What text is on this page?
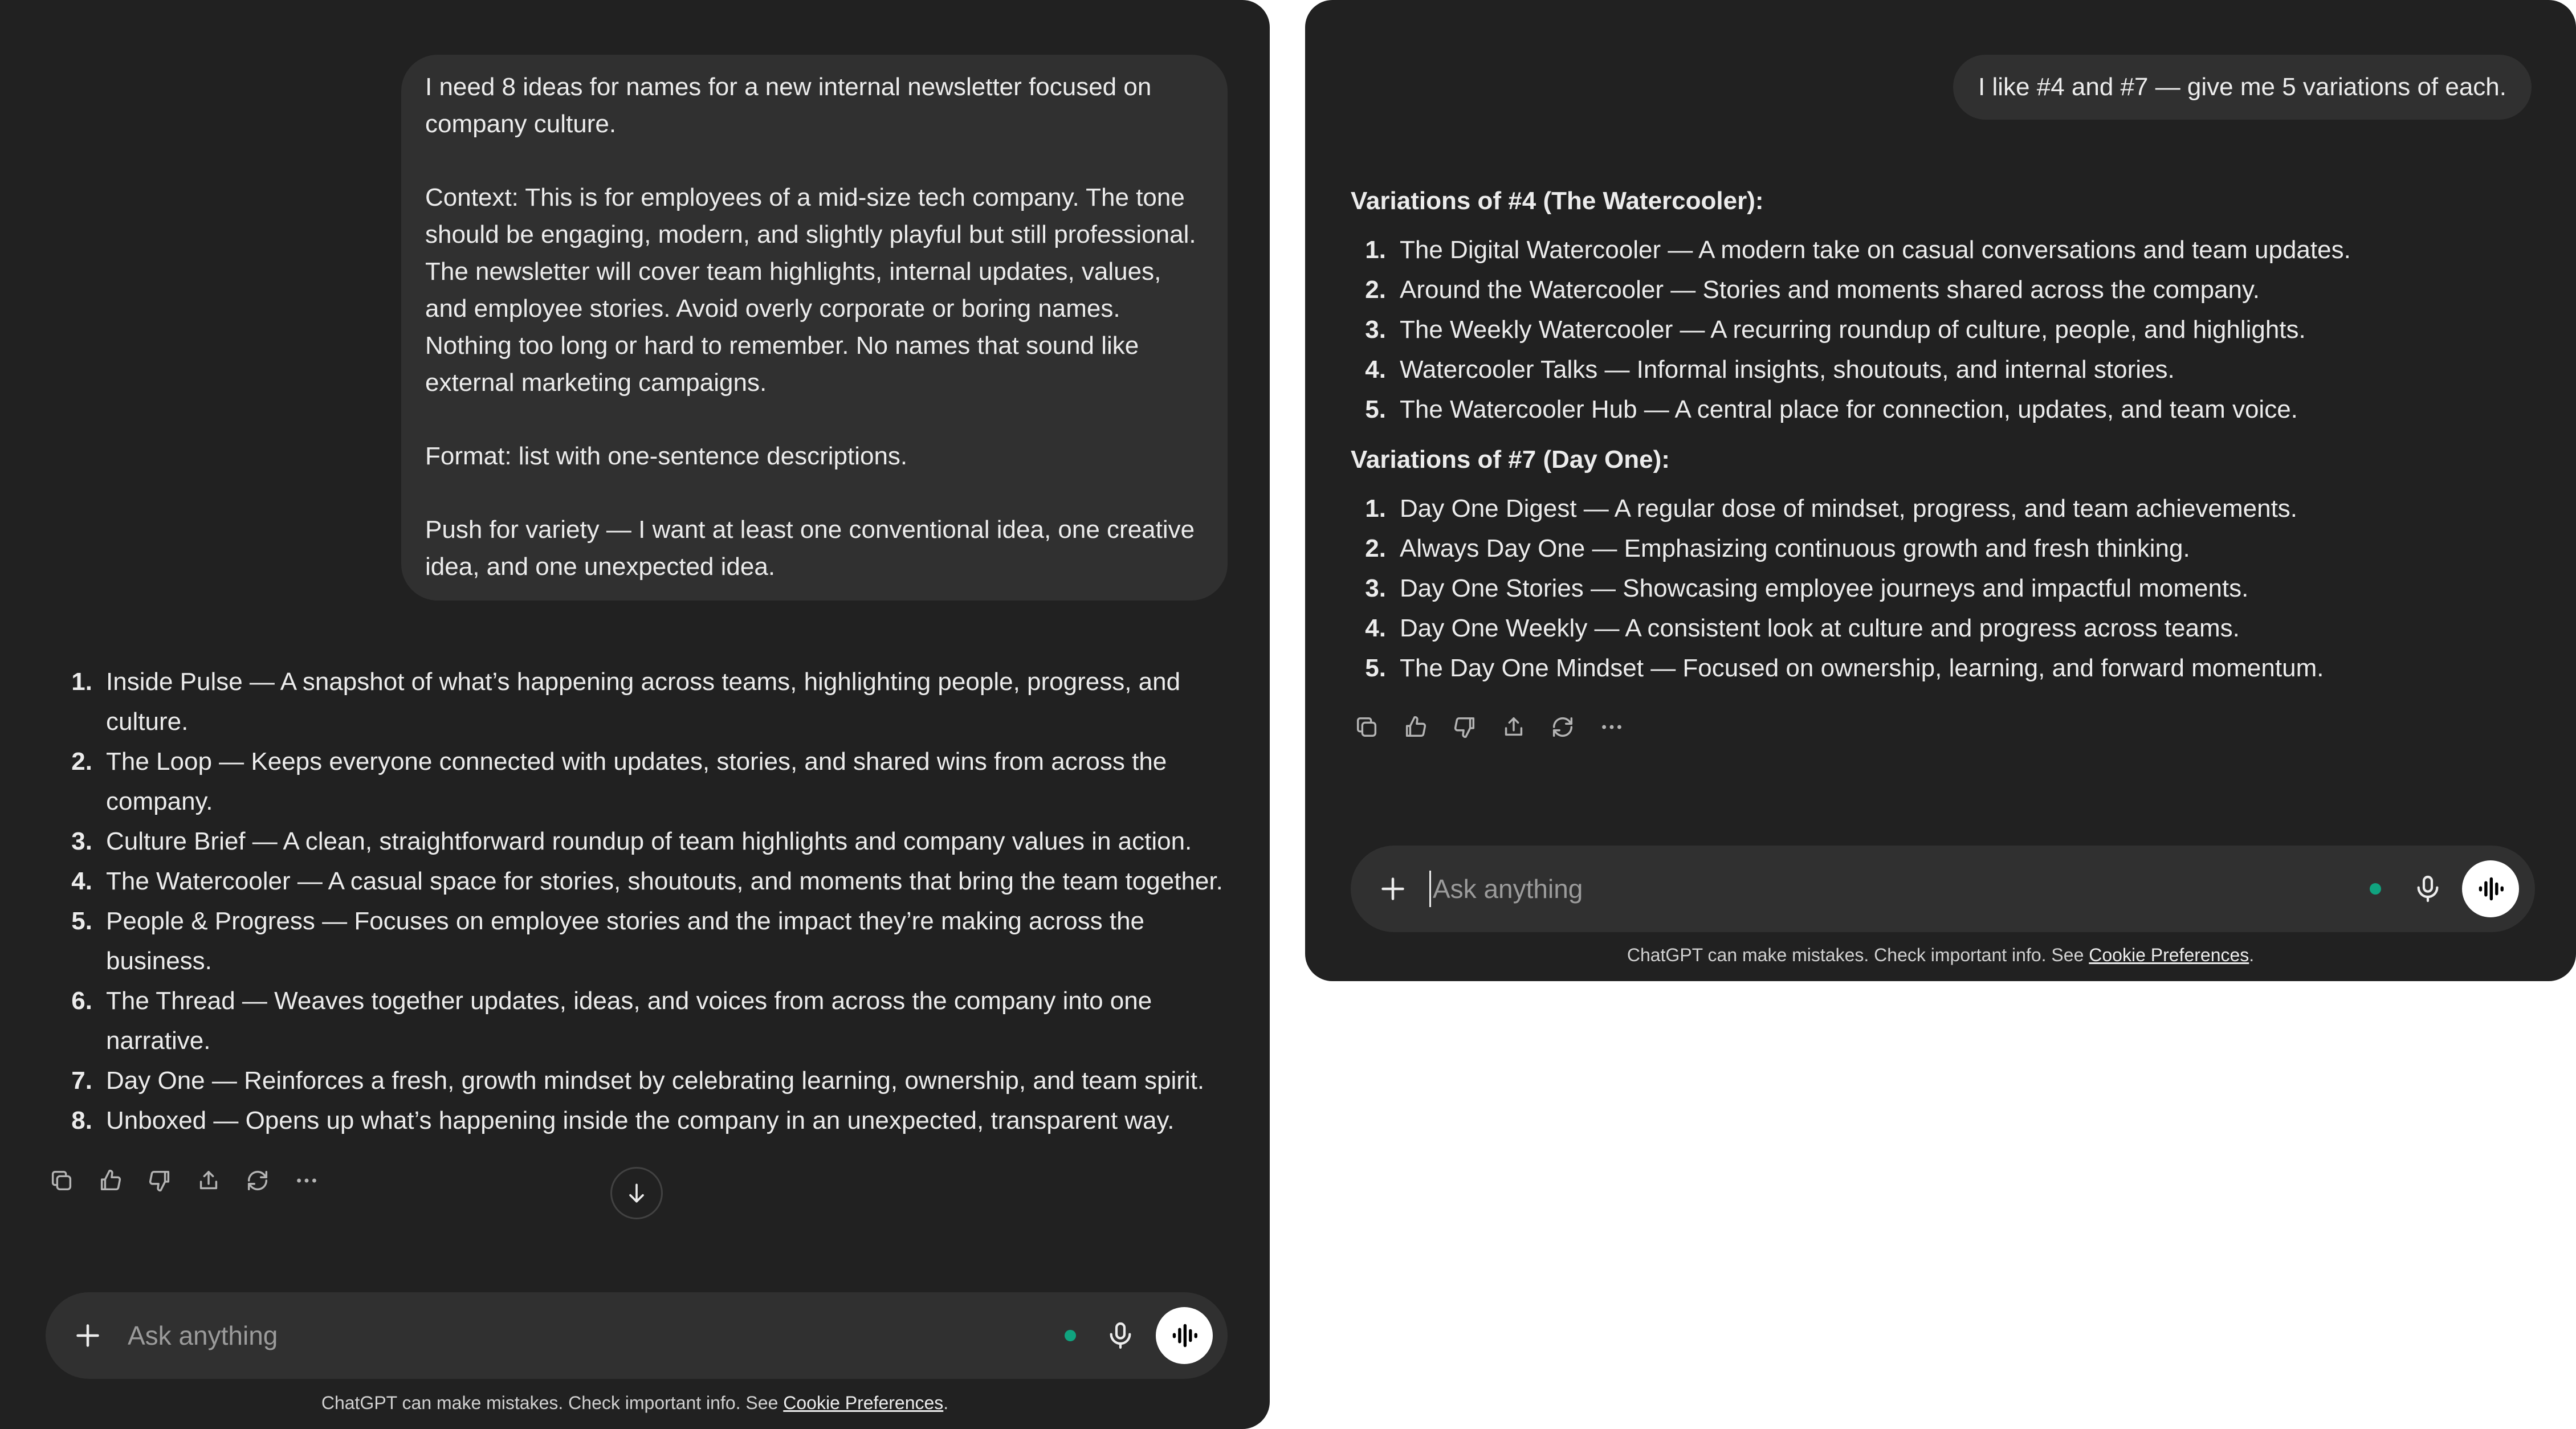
I need 8 ideas for names for a new internal newsletter focused on company culture.

Context: This is for employees of a mid-size tech company. The tone should be engaging, modern, and slightly playful but still professional. The newsletter will cover team highlights, internal updates, values, and employee stories. Avoid overly corporate or boring names. Nothing too long or hard to remember. No names that sound like external marketing campaigns.

Format: list with one-sentence descriptions.

Push for variety — I want at least one conventional idea, one creative idea, and one unexpected idea.

1. Inside Pulse — A snapshot of what’s happening across teams, highlighting people, progress, and culture.
2. The Loop — Keeps everyone connected with updates, stories, and shared wins from across the company.
3. Culture Brief — A clean, straightforward roundup of team highlights and company values in action.
4. The Watercooler — A casual space for stories, shoutouts, and moments that bring the team together.
5. People & Progress — Focuses on employee stories and the impact they’re making across the business.
6. The Thread — Weaves together updates, ideas, and voices from across the company into one narrative.
7. Day One — Reinforces a fresh, growth mindset by celebrating learning, ownership, and team spirit.
8. Unboxed — Opens up what’s happening inside the company in an unexpected, transparent way.
Ask anything
ChatGPT can make mistakes. Check important info. See Cookie Preferences.
I like #4 and #7 — give me 5 variations of each.
Variations of #4 (The Watercooler):
1. The Digital Watercooler — A modern take on casual conversations and team updates.
2. Around the Watercooler — Stories and moments shared across the company.
3. The Weekly Watercooler — A recurring roundup of culture, people, and highlights.
4. Watercooler Talks — Informal insights, shoutouts, and internal stories.
5. The Watercooler Hub — A central place for connection, updates, and team voice.
Variations of #7 (Day One):
1. Day One Digest — A regular dose of mindset, progress, and team achievements.
2. Always Day One — Emphasizing continuous growth and fresh thinking.
3. Day One Stories — Showcasing employee journeys and impactful moments.
4. Day One Weekly — A consistent look at culture and progress across teams.
5. The Day One Mindset — Focused on ownership, learning, and forward momentum.
Ask anything
ChatGPT can make mistakes. Check important info. See Cookie Preferences.
